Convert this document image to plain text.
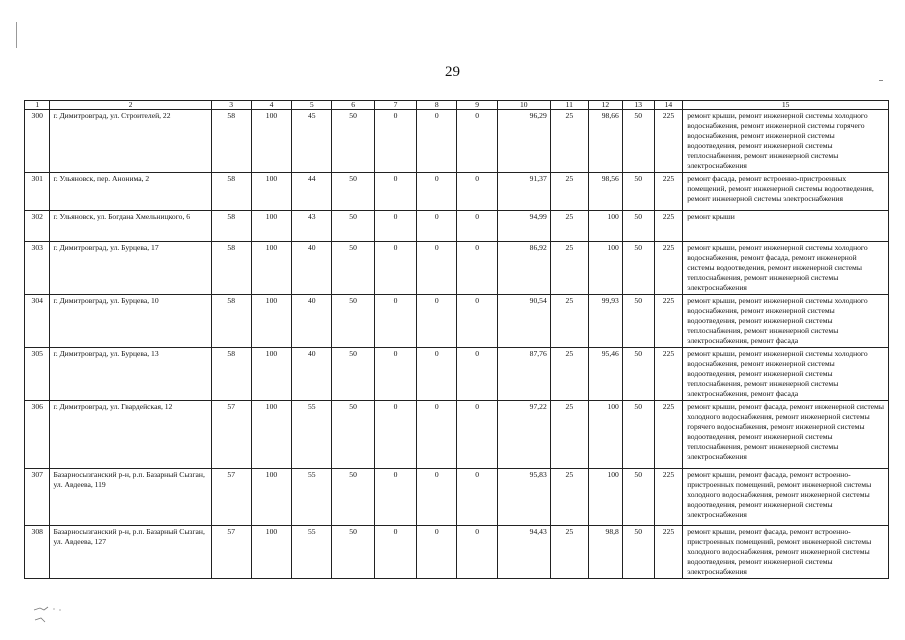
29
1	2	3	4	5	6	7	8	9	10	11	12	13	14	15
300	г. Димитровград, ул. Строителей, 22	58	100	45	50	0	0	0	96,29	25	98,66	50	225	ремонт крыши, ремонт инженерной системы холодного водоснабжения, ремонт инженерной системы горячего водоснабжения, ремонт инженерной системы водоотведения, ремонт инженерной системы теплоснабжения, ремонт инженерной системы электроснабжения
301	г. Ульяновск, пер. Анонима, 2	58	100	44	50	0	0	0	91,37	25	98,56	50	225	ремонт фасада, ремонт встроенно-пристроенных помещений, ремонт инженерной системы водоотведения, ремонт инженерной системы электроснабжения
302	г. Ульяновск, ул. Богдана Хмельницкого, 6	58	100	43	50	0	0	0	94,99	25	100	50	225	ремонт крыши
303	г. Димитровград, ул. Бурцева, 17	58	100	40	50	0	0	0	86,92	25	100	50	225	ремонт крыши, ремонт инженерной системы холодного водоснабжения, ремонт фасада, ремонт инженерной системы водоотведения, ремонт инженерной системы теплоснабжения, ремонт инженерной системы электроснабжения
304	г. Димитровград, ул. Бурцева, 10	58	100	40	50	0	0	0	90,54	25	99,93	50	225	ремонт крыши, ремонт инженерной системы холодного водоснабжения, ремонт инженерной системы водоотведения, ремонт инженерной системы теплоснабжения, ремонт инженерной системы электроснабжения, ремонт фасада
305	г. Димитровград, ул. Бурцева, 13	58	100	40	50	0	0	0	87,76	25	95,46	50	225	ремонт крыши, ремонт инженерной системы холодного водоснабжения, ремонт инженерной системы водоотведения, ремонт инженерной системы теплоснабжения, ремонт инженерной системы электроснабжения, ремонт фасада
306	г. Димитровград, ул. Гвардейская, 12	57	100	55	50	0	0	0	97,22	25	100	50	225	ремонт крыши, ремонт фасада, ремонт инженерной системы холодного водоснабжения, ремонт инженерной системы горячего водоснабжения, ремонт инженерной системы водоотведения, ремонт инженерной системы теплоснабжения, ремонт инженерной системы электроснабжения
307	Базарносызганский р-н, р.п. Базарный Сызган, ул. Авдеева, 119	57	100	55	50	0	0	0	95,83	25	100	50	225	ремонт крыши, ремонт фасада, ремонт встроенно-пристроенных помещений, ремонт инженерной системы холодного водоснабжения, ремонт инженерной системы водоотведения, ремонт инженерной системы электроснабжения
308	Базарносызганский р-н, р.п. Базарный Сызган, ул. Авдеева, 127	57	100	55	50	0	0	0	94,43	25	98,8	50	225	ремонт крыши, ремонт фасада, ремонт встроенно-пристроенных помещений, ремонт инженерной системы холодного водоснабжения, ремонт инженерной системы водоотведения, ремонт инженерной системы электроснабжения
